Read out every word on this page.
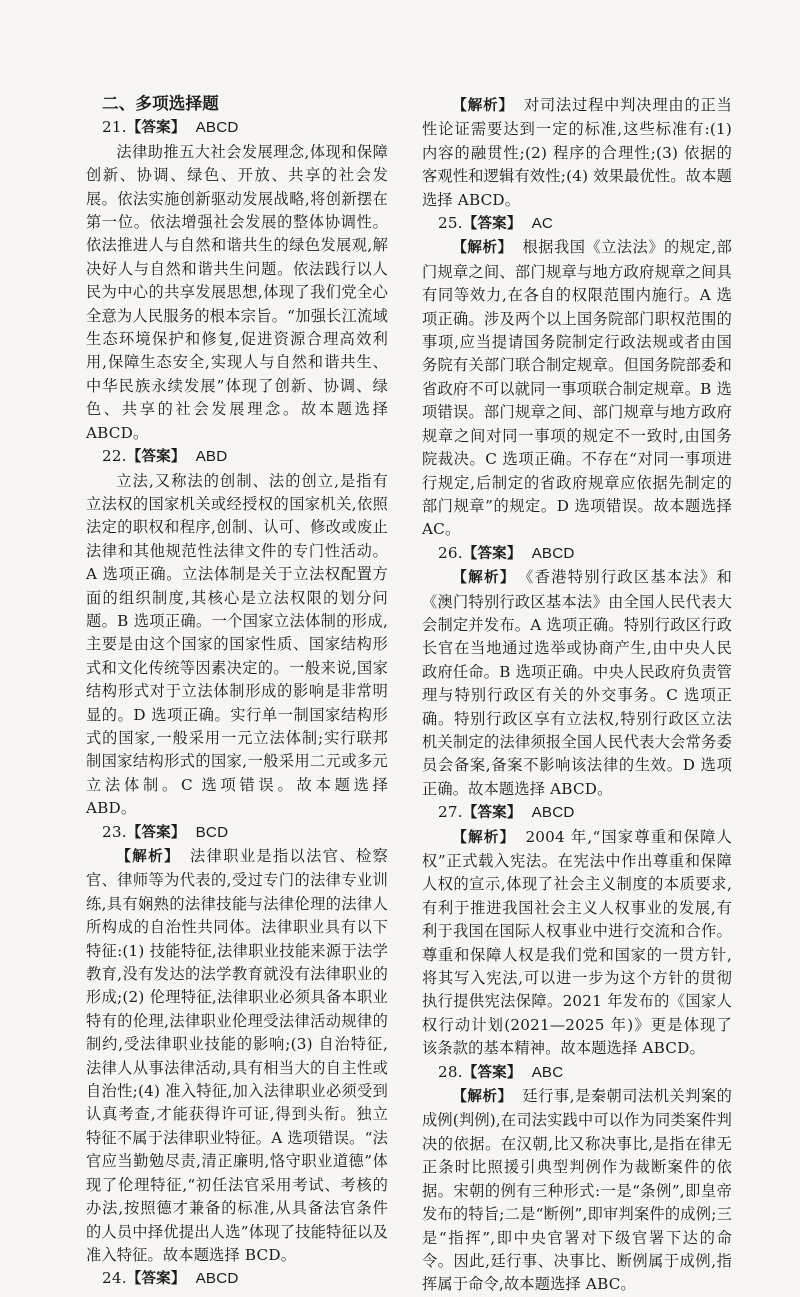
二、多项选择题

21.【答案】 ABCD

法律助推五大社会发展理念,体现和保障创新、协调、绿色、开放、共享的社会发展。依法实施创新驱动发展战略,将创新摆在第一位。依法增强社会发展的整体协调性。依法推进人与自然和谐共生的绿色发展观,解决好人与自然和谐共生问题。依法践行以人民为中心的共享发展思想,体现了我们党全心全意为人民服务的根本宗旨。“加强长江流域生态环境保护和修复,促进资源合理高效利用,保障生态安全,实现人与自然和谐共生、中华民族永续发展”体现了创新、协调、绿色、共享的社会发展理念。故本题选择ABCD。

22.【答案】 ABD

立法,又称法的创制、法的创立,是指有立法权的国家机关或经授权的国家机关,依照法定的职权和程序,创制、认可、修改或废止法律和其他规范性法律文件的专门性活动。A 选项正确。立法体制是关于立法权配置方面的组织制度,其核心是立法权限的划分问题。B 选项正确。一个国家立法体制的形成,主要是由这个国家的国家性质、国家结构形式和文化传统等因素决定的。一般来说,国家结构形式对于立法体制形成的影响是非常明显的。D 选项正确。实行单一制国家结构形式的国家,一般采用一元立法体制;实行联邦制国家结构形式的国家,一般采用二元或多元立法体制。C 选项错误。故本题选择 ABD。

23.【答案】 BCD

【解析】 法律职业是指以法官、检察官、律师等为代表的,受过专门的法律专业训练,具有娴熟的法律技能与法律伦理的法律人所构成的自治性共同体。法律职业具有以下特征:(1) 技能特征,法律职业技能来源于法学教育,没有发达的法学教育就没有法律职业的形成;(2) 伦理特征,法律职业必须具备本职业特有的伦理,法律职业伦理受法律活动规律的制约,受法律职业技能的影响;(3) 自治特征,法律人从事法律活动,具有相当大的自主性或自治性;(4) 准入特征,加入法律职业必须受到认真考查,才能获得许可证,得到头衔。独立特征不属于法律职业特征。A 选项错误。“法官应当勤勉尽责,清正廉明,恪守职业道德”体现了伦理特征,“初任法官采用考试、考核的办法,按照德才兼备的标准,从具备法官条件的人员中择优提出人选”体现了技能特征以及准入特征。故本题选择 BCD。

24.【答案】 ABCD

【解析】 对司法过程中判决理由的正当性论证需要达到一定的标准,这些标准有:(1) 内容的融贯性;(2) 程序的合理性;(3) 依据的客观性和逻辑有效性;(4) 效果最优性。故本题选择 ABCD。

25.【答案】 AC

【解析】 根据我国《立法法》的规定,部门规章之间、部门规章与地方政府规章之间具有同等效力,在各自的权限范围内施行。A 选项正确。涉及两个以上国务院部门职权范围的事项,应当提请国务院制定行政法规或者由国务院有关部门联合制定规章。但国务院部委和省政府不可以就同一事项联合制定规章。B 选项错误。部门规章之间、部门规章与地方政府规章之间对同一事项的规定不一致时,由国务院裁决。C 选项正确。不存在“对同一事项进行规定,后制定的省政府规章应依据先制定的部门规章”的规定。D 选项错误。故本题选择 AC。

26.【答案】 ABCD

【解析】 《香港特别行政区基本法》和《澳门特别行政区基本法》由全国人民代表大会制定并发布。A 选项正确。特别行政区行政长官在当地通过选举或协商产生,由中央人民政府任命。B 选项正确。中央人民政府负责管理与特别行政区有关的外交事务。C 选项正确。特别行政区享有立法权,特别行政区立法机关制定的法律须报全国人民代表大会常务委员会备案,备案不影响该法律的生效。D 选项正确。故本题选择 ABCD。

27.【答案】 ABCD

【解析】 2004 年,“国家尊重和保障人权”正式载入宪法。在宪法中作出尊重和保障人权的宣示,体现了社会主义制度的本质要求,有利于推进我国社会主义人权事业的发展,有利于我国在国际人权事业中进行交流和合作。尊重和保障人权是我们党和国家的一贯方针,将其写入宪法,可以进一步为这个方针的贯彻执行提供宪法保障。2021 年发布的《国家人权行动计划(2021—2025 年)》更是体现了该条款的基本精神。故本题选择 ABCD。

28.【答案】 ABC

【解析】 廷行事,是秦朝司法机关判案的成例(判例),在司法实践中可以作为同类案件判决的依据。在汉朝,比又称决事比,是指在律无正条时比照援引典型判例作为裁断案件的依据。宋朝的例有三种形式:一是“条例”,即皇帝发布的特旨;二是“断例”,即审判案件的成例;三是“指挥”,即中央官署对下级官署下达的命令。因此,廷行事、决事比、断例属于成例,指挥属于命令,故本题选择 ABC。
